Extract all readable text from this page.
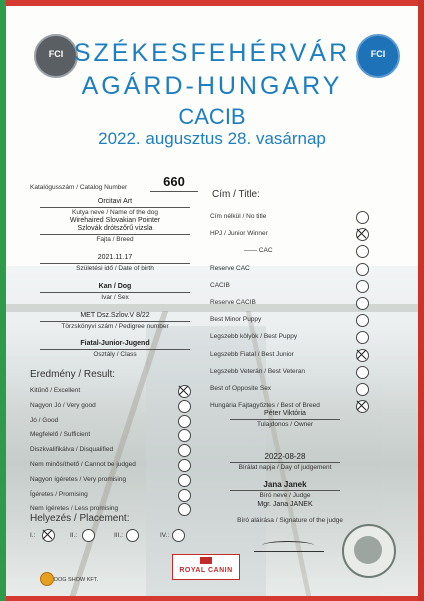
FCI	FCI
SZÉKESFEHÉRVÁR
AGÁRD-HUNGARY
CACIB
2022. augusztus 28. vasárnap
Katalógusszám / Catalog Number	660
Orcitavi Art
Kutya neve / Name of the dog
Wirehaired Slovakian Pointer
Szlovák drótszőrű vizsla
Fajta / Breed
2021.11.17
Születési idő / Date of birth
Kan / Dog
Ivar / Sex
MET Dsz.Szlov.V 8/22
Törzskönyvi szám / Pedigree number
Fiatal-Junior-Jugend
Osztály / Class
Cím / Title:
Eredmény / Result:
Helyezés / Placement:
Péter Viktória
Tulajdonos / Owner
2022-08-28
Bírálat napja / Day of judgement
Jana Janek
Bíró neve / Judge
Mgr. Jana JANEK
Bíró aláírása / Signature of the judge
DOG SHOW KFT.
ROYAL CANIN
Cím nélkül / No title
HPJ / Junior Winner
—— CAC
Reserve CAC
CACIB
Reserve CACIB
Best Minor Puppy
Legszebb kölyök / Best Puppy
Legszebb Fiatal / Best Junior
Legszebb Veterán / Best Veteran
Best of Opposite Sex
Hungária Fajtagyőztes / Best of Breed
Kitűnő / Excellent
Nagyon Jó / Very good
Jó / Good
Megfelelő / Sufficient
Diszkvalifikálva / Disqualified
Nem minősíthető / Cannot be judged
Nagyon ígéretes / Very promising
Ígéretes / Promising
Nem ígéretes / Less promising
I.:	II.:	III.:	IV.:
